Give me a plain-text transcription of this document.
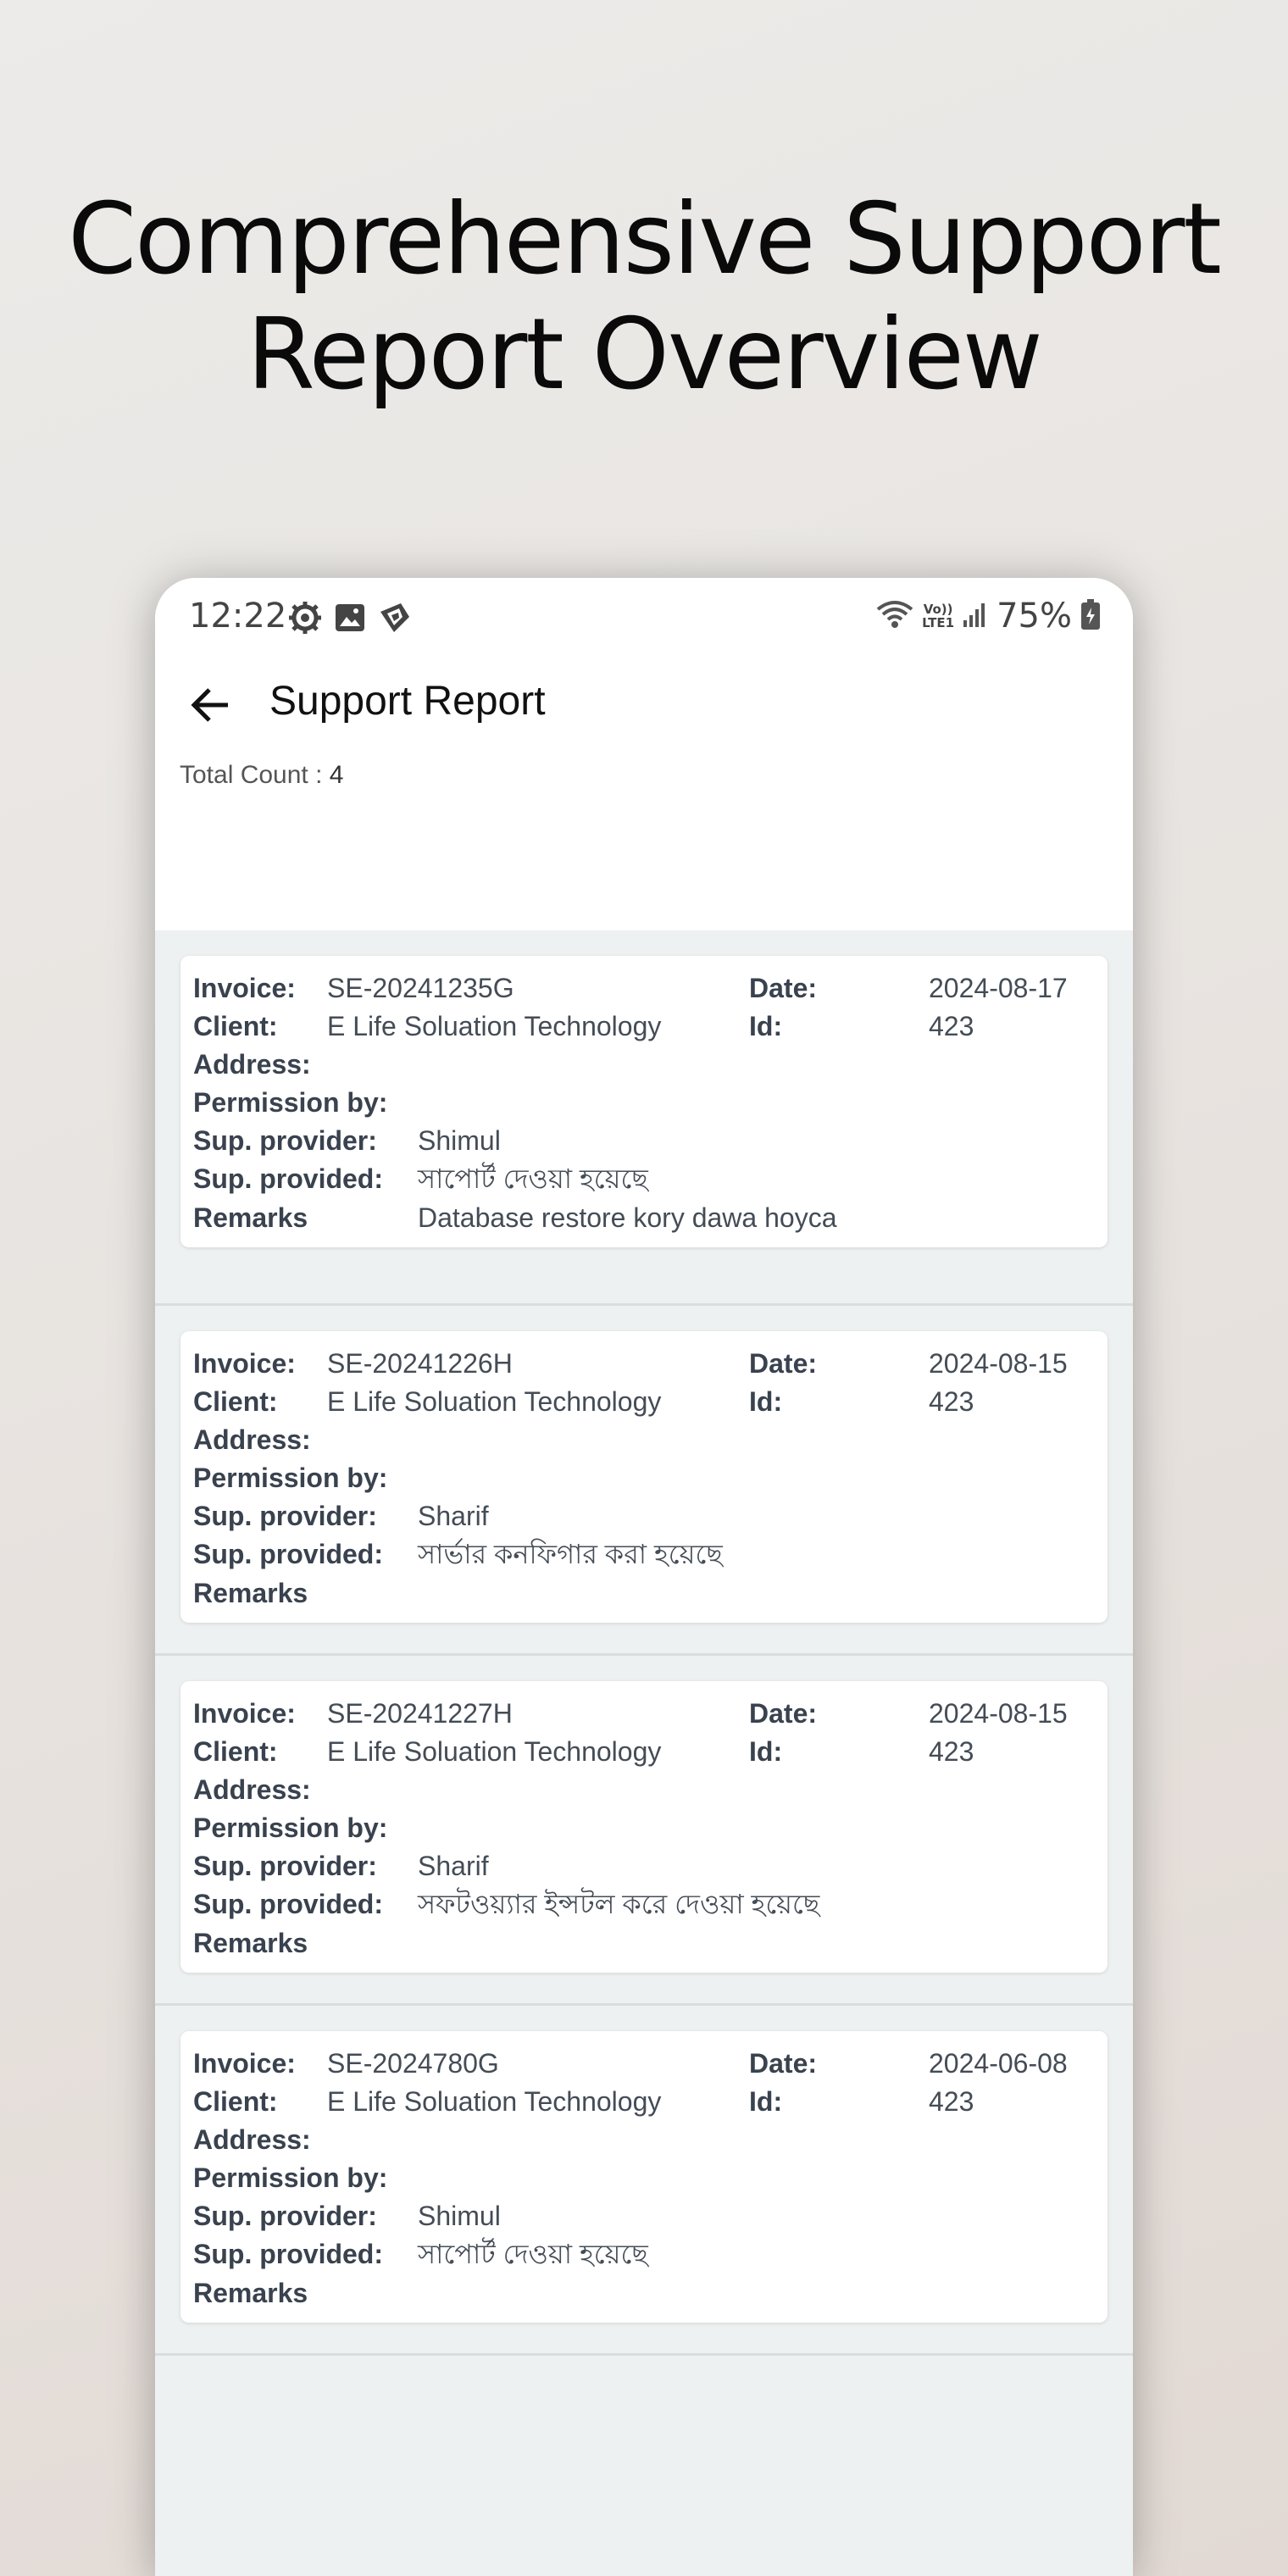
Comprehensive Support
Report Overview
12:22	Vo))
LTE1 75%
Support Report
Total Count : 4
Invoice: SE-20241235G	Date:	2024-08-17
Client: E Life Soluation Technology	Id:	423
Address:
Permission by:
Sup. provider: Shimul
Sup. provided: সাপোর্ট দেওয়া হয়েছে
Remarks	Database restore kory dawa hoyca
Invoice: SE-20241226H	Date:	2024-08-15
Client: E Life Soluation Technology	Id:	423
Address:
Permission by:
Sup. provider: Sharif
Sup. provided: সার্ভার কনফিগার করা হয়েছে
Remarks
Invoice: SE-20241227H	Date:	2024-08-15
Client: E Life Soluation Technology	Id:	423
Address:
Permission by:
Sup. provider: Sharif
Sup. provided: সফটওয়্যার ইন্সটল করে দেওয়া হয়েছে
Remarks
Invoice: SE-2024780G	Date:	2024-06-08
Client: E Life Soluation Technology	Id:	423
Address:
Permission by:
Sup. provider: Shimul
Sup. provided: সাপোর্ট দেওয়া হয়েছে
Remarks
